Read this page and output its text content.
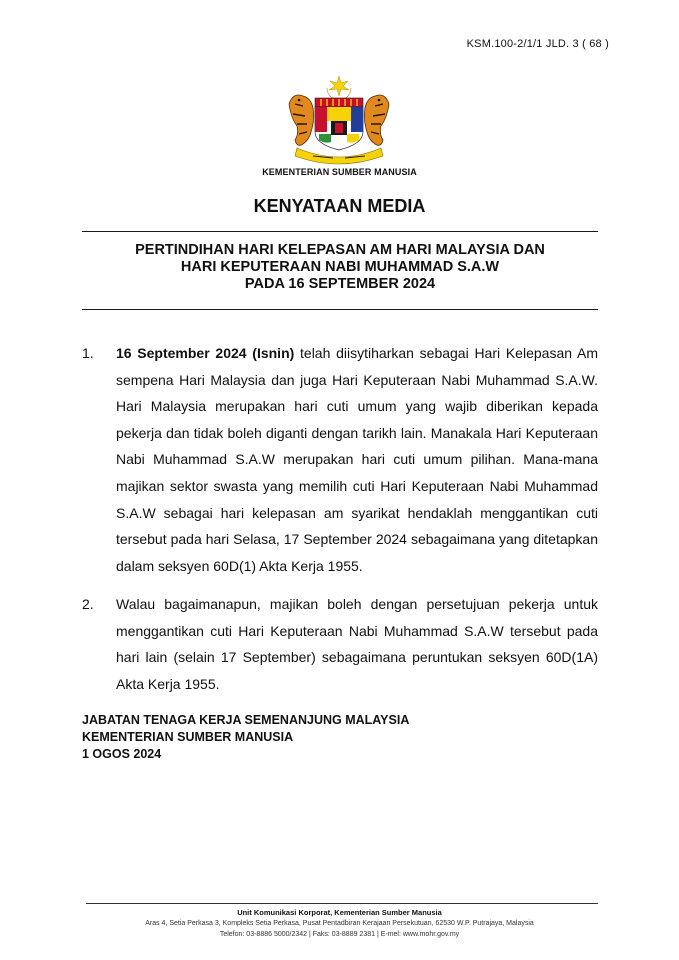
KSM.100-2/1/1 JLD. 3 ( 68 )
KEMENTERIAN SUMBER MANUSIA
KENYATAAN MEDIA
PERTINDIHAN HARI KELEPASAN AM HARI MALAYSIA DAN
HARI KEPUTERAAN NABI MUHAMMAD S.A.W
PADA 16 SEPTEMBER 2024
1. 16 September 2024 (Isnin) telah diisytiharkan sebagai Hari Kelepasan Am sempena Hari Malaysia dan juga Hari Keputeraan Nabi Muhammad S.A.W. Hari Malaysia merupakan hari cuti umum yang wajib diberikan kepada pekerja dan tidak boleh diganti dengan tarikh lain. Manakala Hari Keputeraan Nabi Muhammad S.A.W merupakan hari cuti umum pilihan. Mana-mana majikan sektor swasta yang memilih cuti Hari Keputeraan Nabi Muhammad S.A.W sebagai hari kelepasan am syarikat hendaklah menggantikan cuti tersebut pada hari Selasa, 17 September 2024 sebagaimana yang ditetapkan dalam seksyen 60D(1) Akta Kerja 1955.
2. Walau bagaimanapun, majikan boleh dengan persetujuan pekerja untuk menggantikan cuti Hari Keputeraan Nabi Muhammad S.A.W tersebut pada hari lain (selain 17 September) sebagaimana peruntukan seksyen 60D(1A) Akta Kerja 1955.
JABATAN TENAGA KERJA SEMENANJUNG MALAYSIA
KEMENTERIAN SUMBER MANUSIA
1 OGOS 2024
Unit Komunikasi Korporat, Kementerian Sumber Manusia
Aras 4, Setia Perkasa 3, Kompleks Setia Perkasa, Pusat Pentadbiran Kerajaan Persekutuan, 62530 W.P. Putrajaya, Malaysia
Telefon: 03-8886 5000/2342 | Faks: 03-8889 2381 | E-mel: www.mohr.gov.my
